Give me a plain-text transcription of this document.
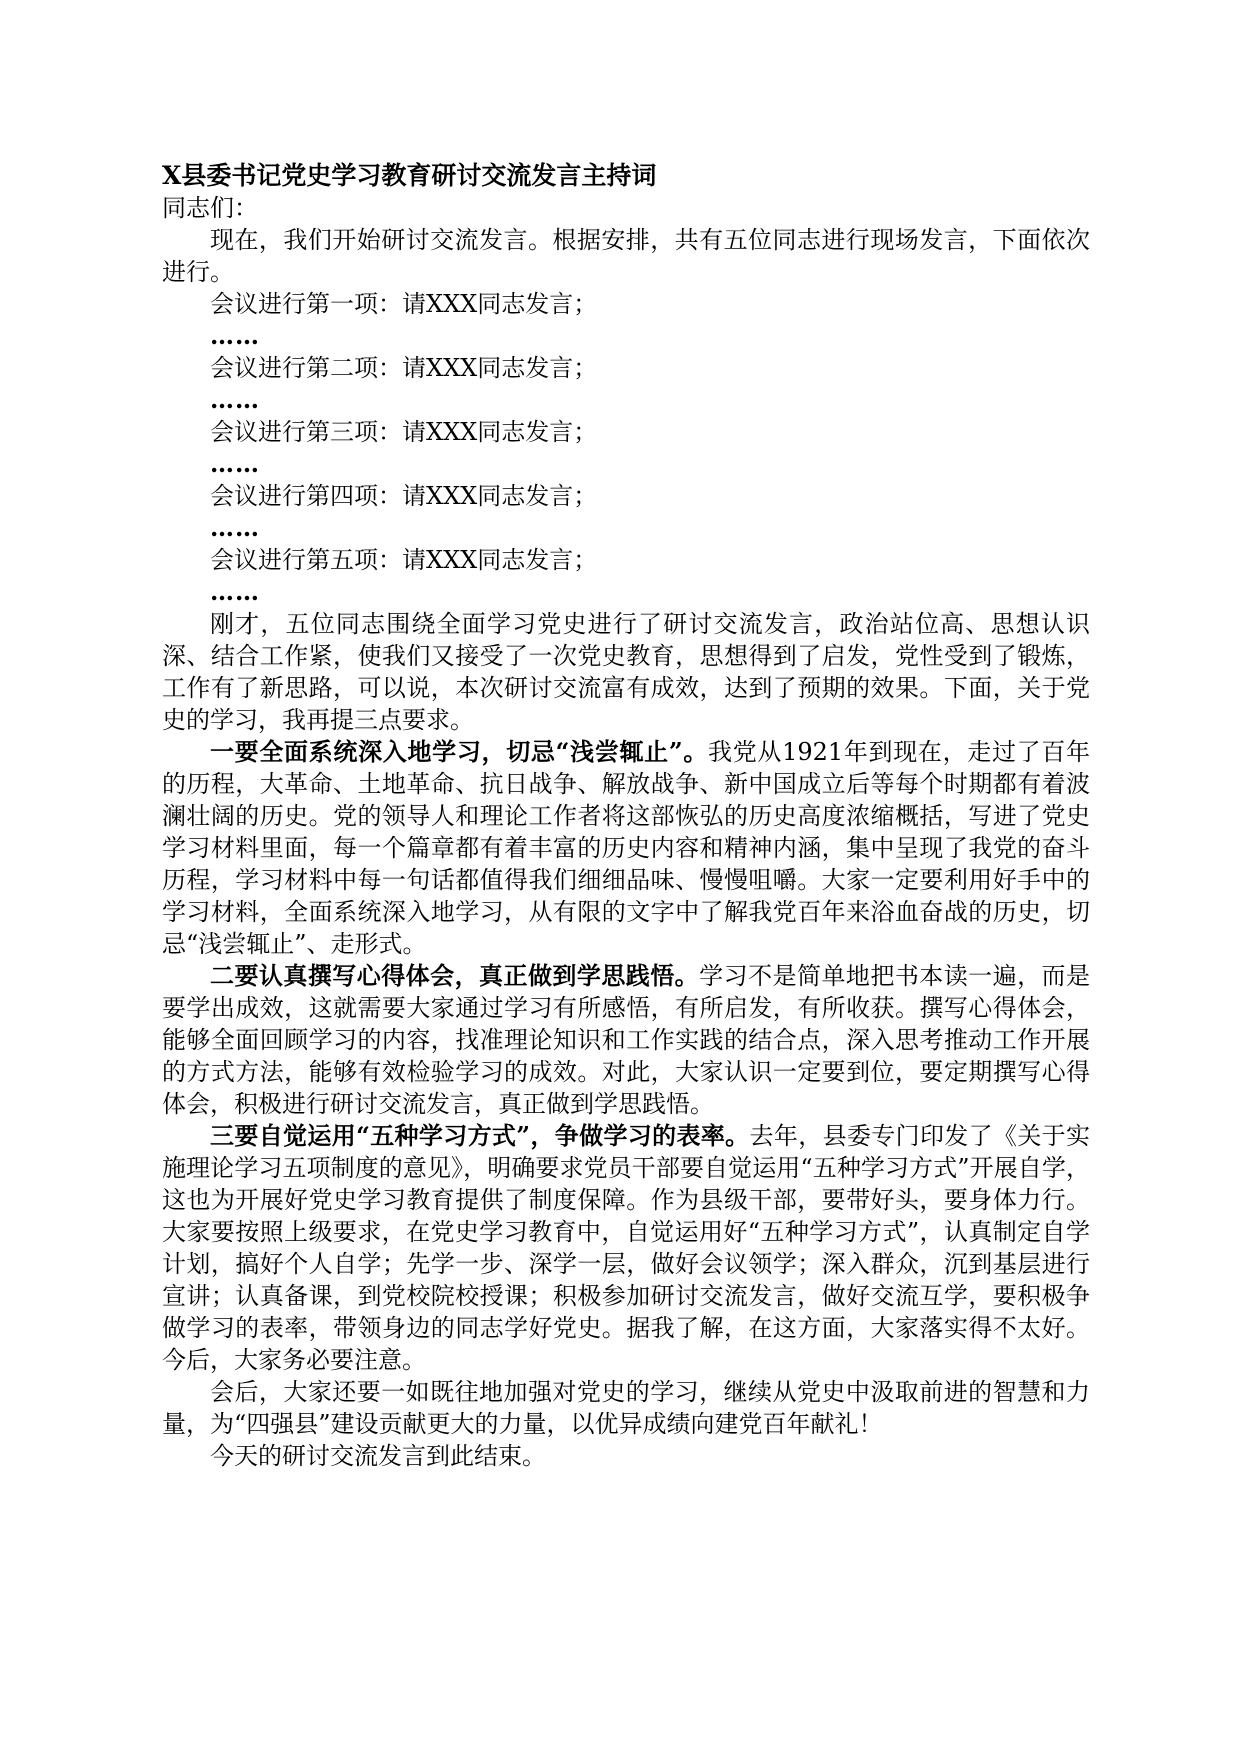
X县委书记党史学习教育研讨交流发言主持词

同志们：

现在，我们开始研讨交流发言。根据安排，共有五位同志进行现场发言，下面依次进行。

会议进行第一项：请XXX同志发言；

……

会议进行第二项：请XXX同志发言；

……

会议进行第三项：请XXX同志发言；

……

会议进行第四项：请XXX同志发言；

……

会议进行第五项：请XXX同志发言；

……

刚才，五位同志围绕全面学习党史进行了研讨交流发言，政治站位高、思想认识深、结合工作紧，使我们又接受了一次党史教育，思想得到了启发，党性受到了锻炼，工作有了新思路，可以说，本次研讨交流富有成效，达到了预期的效果。下面，关于党史的学习，我再提三点要求。

一要全面系统深入地学习，切忌“浅尝辄止”。我党从1921年到现在，走过了百年的历程，大革命、土地革命、抗日战争、解放战争、新中国成立后等每个时期都有着波澜壮阔的历史。党的领导人和理论工作者将这部恢弘的历史高度浓缩概括，写进了党史学习材料里面，每一个篇章都有着丰富的历史内容和精神内涵，集中呈现了我党的奋斗历程，学习材料中每一句话都值得我们细细品味、慢慢咀嚼。大家一定要利用好手中的学习材料，全面系统深入地学习，从有限的文字中了解我党百年来浴血奋战的历史，切忌“浅尝辄止”、走形式。

二要认真撰写心得体会，真正做到学思践悟。学习不是简单地把书本读一遍，而是要学出成效，这就需要大家通过学习有所感悟，有所启发，有所收获。撰写心得体会，能够全面回顾学习的内容，找准理论知识和工作实践的结合点，深入思考推动工作开展的方式方法，能够有效检验学习的成效。对此，大家认识一定要到位，要定期撰写心得体会，积极进行研讨交流发言，真正做到学思践悟。

三要自觉运用“五种学习方式”，争做学习的表率。去年，县委专门印发了《关于实施理论学习五项制度的意见》，明确要求党员干部要自觉运用“五种学习方式”开展自学，这也为开展好党史学习教育提供了制度保障。作为县级干部，要带好头，要身体力行。大家要按照上级要求，在党史学习教育中，自觉运用好“五种学习方式”，认真制定自学计划，搞好个人自学；先学一步、深学一层，做好会议领学；深入群众，沉到基层进行宣讲；认真备课，到党校院校授课；积极参加研讨交流发言，做好交流互学，要积极争做学习的表率，带领身边的同志学好党史。据我了解，在这方面，大家落实得不太好。今后，大家务必要注意。

会后，大家还要一如既往地加强对党史的学习，继续从党史中汲取前进的智慧和力量，为“四强县”建设贡献更大的力量，以优异成绩向建党百年献礼！

今天的研讨交流发言到此结束。
